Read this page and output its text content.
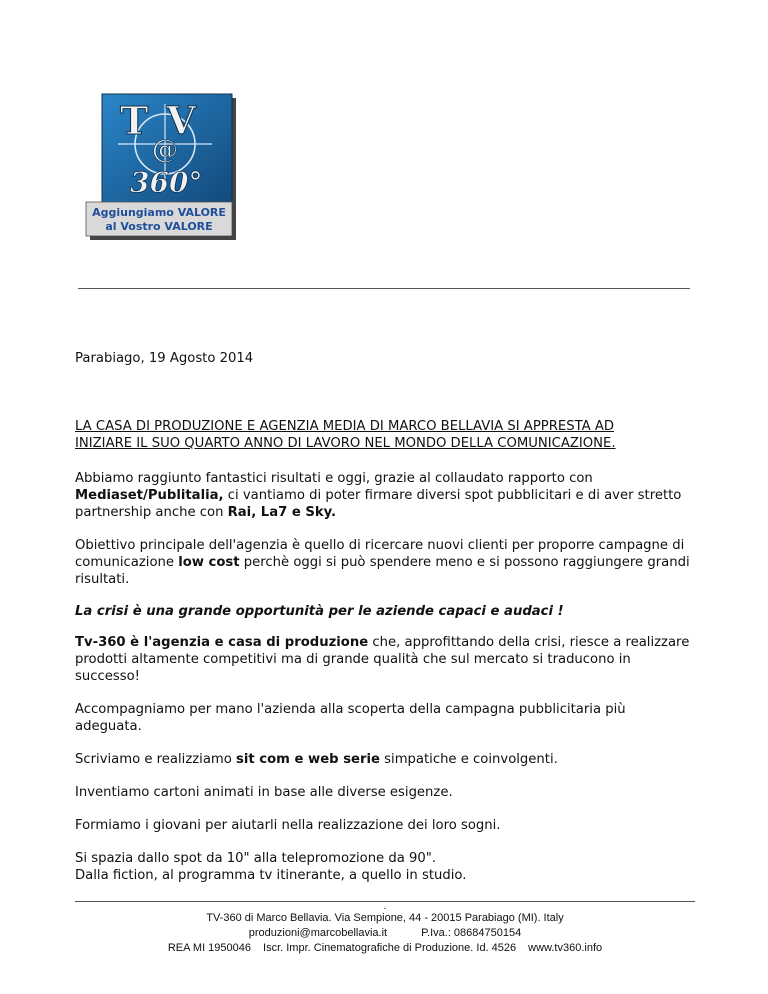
TV
@
360°
Aggiungiamo VALORE
al Vostro VALORE

Parabiago, 19 Agosto 2014

LA CASA DI PRODUZIONE E AGENZIA MEDIA DI MARCO BELLAVIA SI APPRESTA AD

INIZIARE IL SUO QUARTO ANNO DI LAVORO NEL MONDO DELLA COMUNICAZIONE.

Abbiamo raggiunto fantastici risultati e oggi, grazie al collaudato rapporto con
Mediaset/Publitalia, ci vantiamo di poter firmare diversi spot pubblicitari e di aver stretto partnership anche con Rai, La7 e Sky.

Obiettivo principale dell'agenzia è quello di ricercare nuovi clienti per proporre campagne di comunicazione low cost perchè oggi si può spendere meno e si possono raggiungere grandi risultati.

La crisi è una grande opportunità per le aziende capaci e audaci !

Tv-360 è l'agenzia e casa di produzione che, approfittando della crisi, riesce a realizzare prodotti altamente competitivi ma di grande qualità che sul mercato si traducono in successo!

Accompagniamo per mano l'azienda alla scoperta della campagna pubblicitaria più adeguata.

Scriviamo e realizziamo sit com e web serie simpatiche e coinvolgenti.

Inventiamo cartoni animati in base alle diverse esigenze.

Formiamo i giovani per aiutarli nella realizzazione dei loro sogni.

Si spazia dallo spot da 10" alla telepromozione da 90".

Dalla fiction, al programma tv itinerante, a quello in studio.

.
TV-360 di Marco Bellavia. Via Sempione, 44 - 20015 Parabiago (MI). Italy
produzioni@marcobellavia.it	P.Iva.: 08684750154
REA MI 1950046 Iscr. Impr. Cinematografiche di Produzione. Id. 4526 www.tv360.info
